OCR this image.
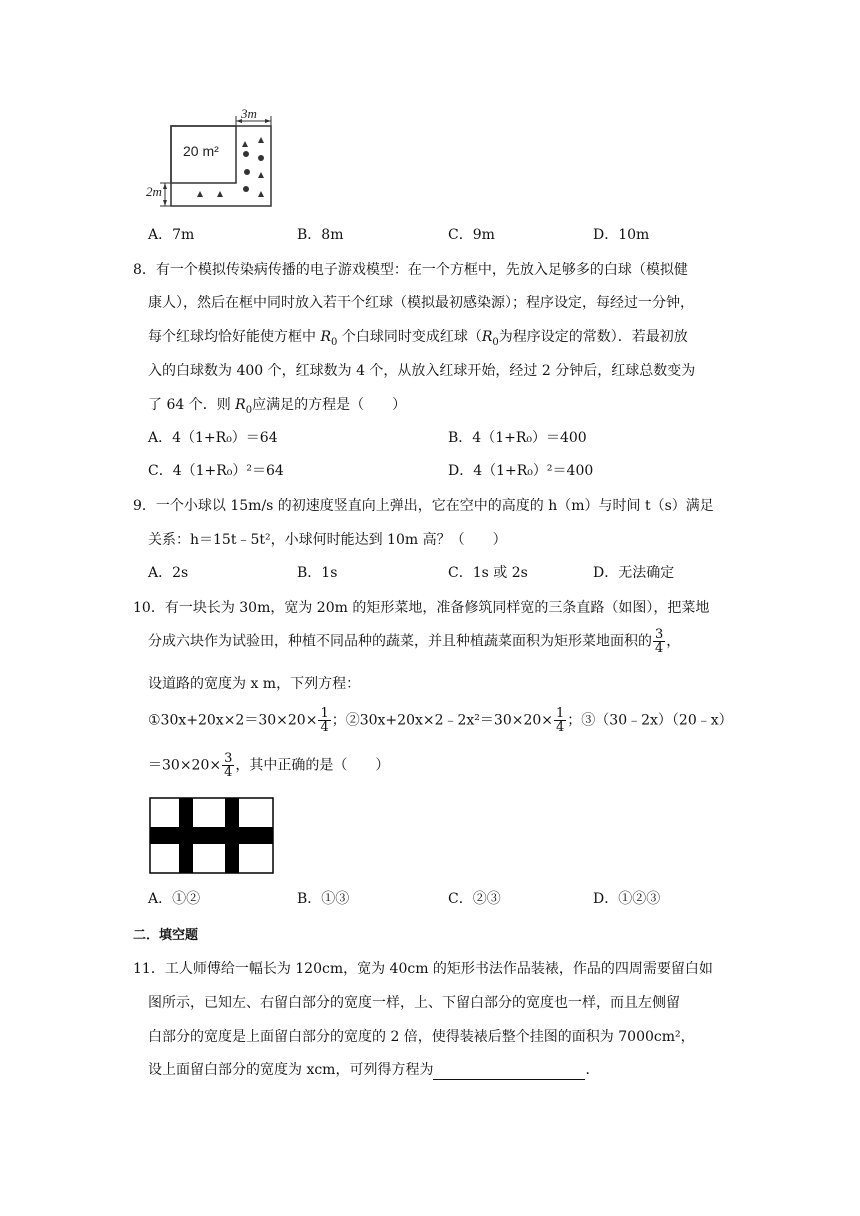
3m
20 m²
2m
A．7m	B．8m	C．9m	D．10m
8．有一个模拟传染病传播的电子游戏模型：在一个方框中，先放入足够多的白球（模拟健
康人），然后在框中同时放入若干个红球（模拟最初感染源）；程序设定，每经过一分钟，
每个红球均恰好能使方框中 $R_0$ 个白球同时变成红球（$R_0$为程序设定的常数）．若最初放
入的白球数为 400 个，红球数为 4 个，从放入红球开始，经过 2 分钟后，红球总数变为
了 64 个．则 $R_0$应满足的方程是（　　）
A．4（1+R₀）＝64	B．4（1+R₀）＝400
C．4（1+R₀）²＝64	D．4（1+R₀）²＝400
9．一个小球以 15m/s 的初速度竖直向上弹出，它在空中的高度的 h（m）与时间 t（s）满足
关系：h＝15t﹣5t²，小球何时能达到 10m 高？（　　）
A．2s	B．1s	C．1s 或 2s	D．无法确定
10．有一块长为 30m，宽为 20m 的矩形菜地，准备修筑同样宽的三条直路（如图），把菜地
分成六块作为试验田，种植不同品种的蔬菜，并且种植蔬菜面积为矩形菜地面积的 $\frac{3}{4}$ ，
设道路的宽度为 x m，下列方程：
①30x+20x×2＝30×20× $\frac{1}{4}$ ；②30x+20x×2﹣2x²＝30×20× $\frac{1}{4}$ ；③（30﹣2x）（20﹣x）
$=30\times 20\times \frac{3}{4}$ ，其中正确的是（　　）
A．①②	B．①③	C．②③	D．①②③
二．填空题
11．工人师傅给一幅长为 120cm，宽为 40cm 的矩形书法作品装裱，作品的四周需要留白如
图所示，已知左、右留白部分的宽度一样，上、下留白部分的宽度也一样，而且左侧留
白部分的宽度是上面留白部分的宽度的 2 倍，使得装裱后整个挂图的面积为 7000cm²，
设上面留白部分的宽度为 xcm，可列得方程为	．
